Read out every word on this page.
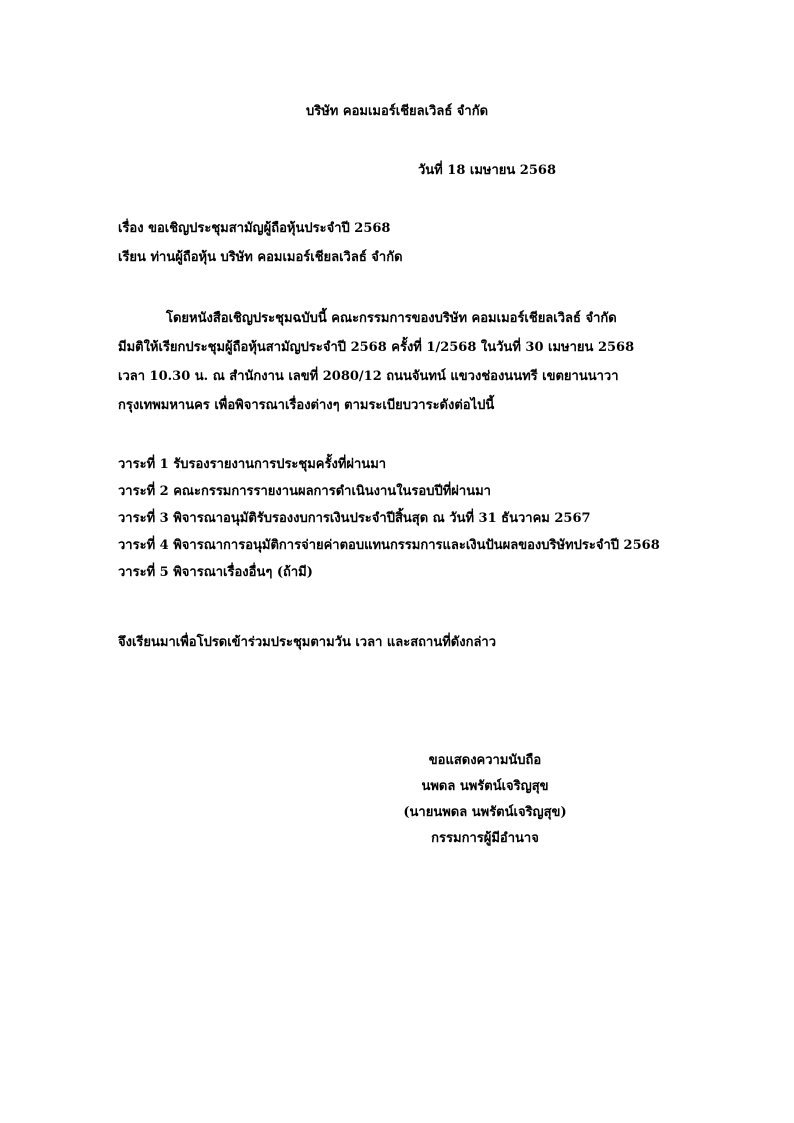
บริษัท คอมเมอร์เชียลเวิลธ์ จำกัด
วันที่ 18 เมษายน 2568
เรื่อง ขอเชิญประชุมสามัญผู้ถือหุ้นประจำปี 2568
เรียน ท่านผู้ถือหุ้น บริษัท คอมเมอร์เชียลเวิลธ์ จำกัด
โดยหนังสือเชิญประชุมฉบับนี้ คณะกรรมการของบริษัท คอมเมอร์เชียลเวิลธ์ จำกัด
มีมติให้เรียกประชุมผู้ถือหุ้นสามัญประจำปี 2568 ครั้งที่ 1/2568 ในวันที่ 30 เมษายน 2568
เวลา 10.30 น. ณ สำนักงาน เลขที่ 2080/12 ถนนจันทน์ แขวงช่องนนทรี เขตยานนาวา
กรุงเทพมหานคร เพื่อพิจารณาเรื่องต่างๆ ตามระเบียบวาระดังต่อไปนี้
วาระที่ 1 รับรองรายงานการประชุมครั้งที่ผ่านมา
วาระที่ 2 คณะกรรมการรายงานผลการดำเนินงานในรอบปีที่ผ่านมา
วาระที่ 3 พิจารณาอนุมัติรับรองงบการเงินประจำปีสิ้นสุด ณ วันที่ 31 ธันวาคม 2567
วาระที่ 4 พิจารณาการอนุมัติการจ่ายค่าตอบแทนกรรมการและเงินปันผลของบริษัทประจำปี 2568
วาระที่ 5 พิจารณาเรื่องอื่นๆ (ถ้ามี)
จึงเรียนมาเพื่อโปรดเข้าร่วมประชุมตามวัน เวลา และสถานที่ดังกล่าว
ขอแสดงความนับถือ
นพดล นพรัตน์เจริญสุข
(นายนพดล นพรัตน์เจริญสุข)
กรรมการผู้มีอำนาจ
